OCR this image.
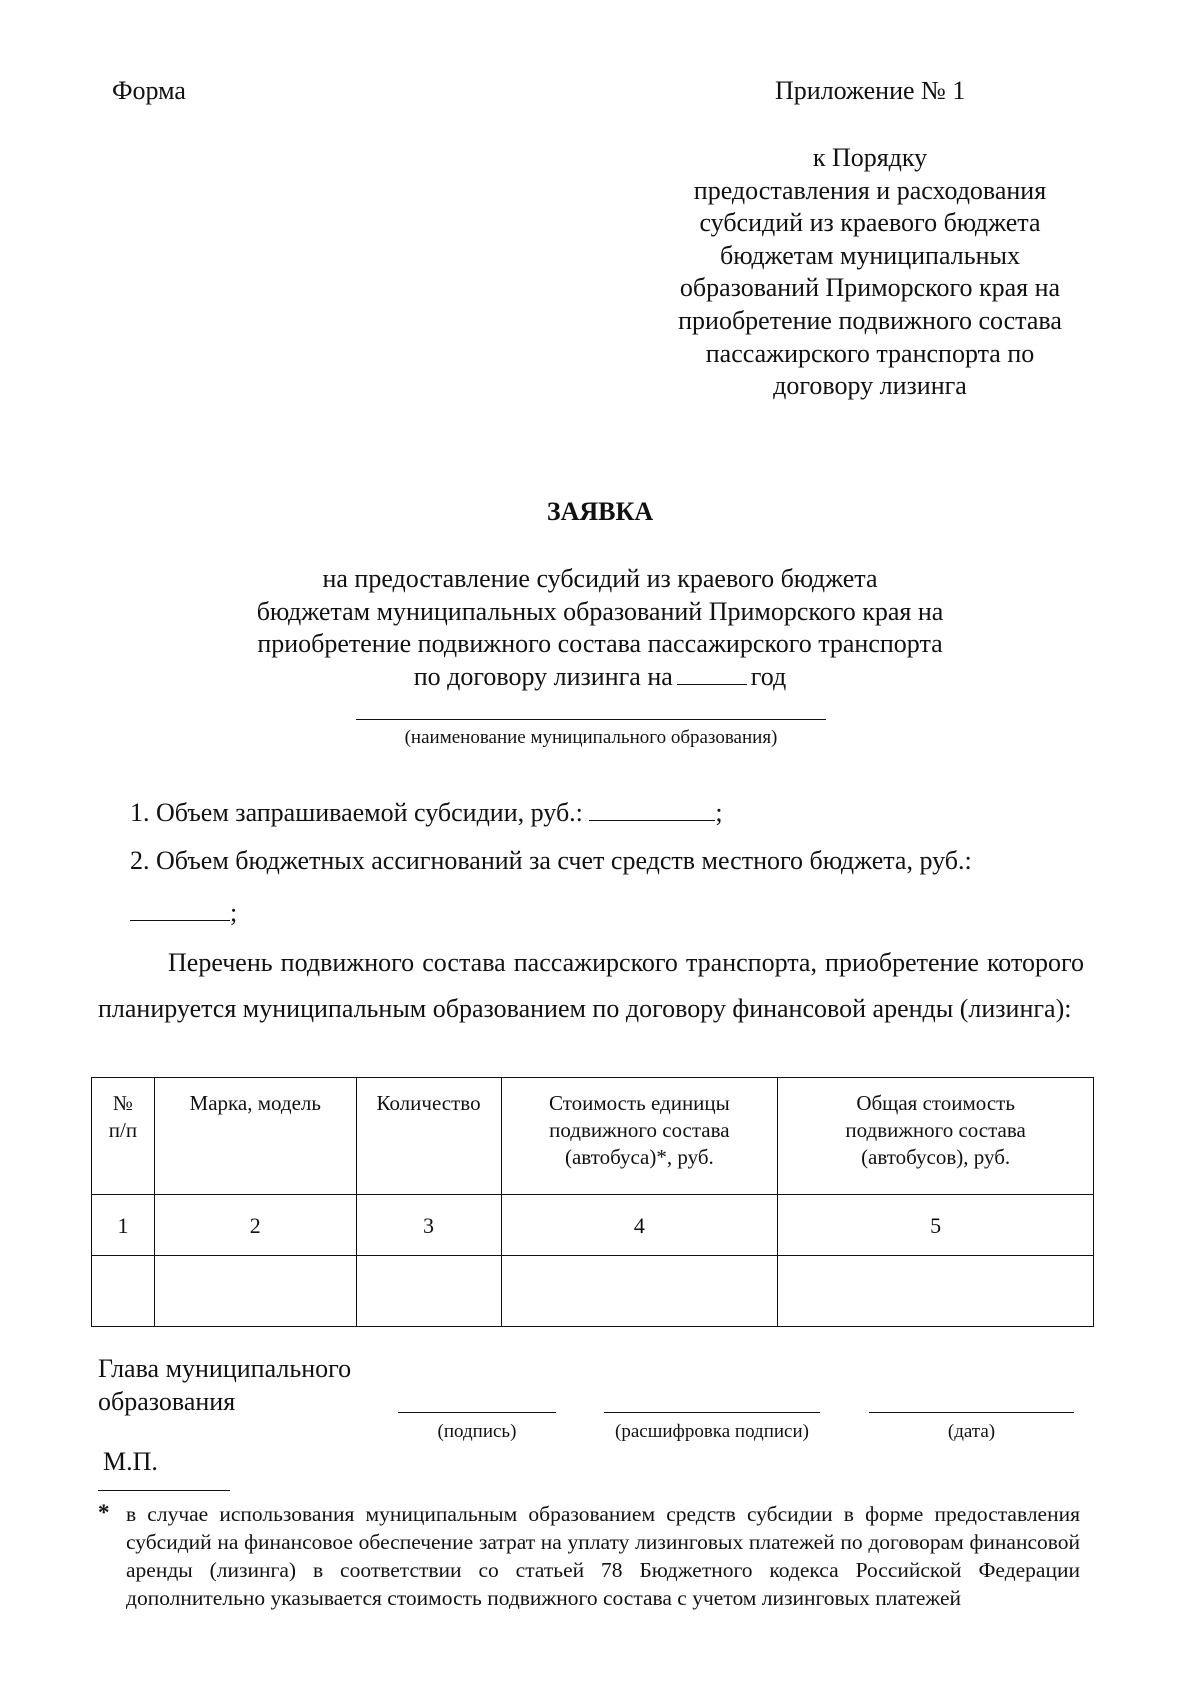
Форма	Приложение № 1
к Порядку
предоставления и расходования
субсидий из краевого бюджета
бюджетам муниципальных
образований Приморского края на
приобретение подвижного состава
пассажирского транспорта по
договору лизинга
ЗАЯВКА
на предоставление субсидий из краевого бюджета
бюджетам муниципальных образований Приморского края на
приобретение подвижного состава пассажирского транспорта
по договору лизинга на	год
(наименование муниципального образования)
1. Объем запрашиваемой субсидии, руб.:	;
2. Объем бюджетных ассигнований за счет средств местного бюджета, руб.:
;
Перечень подвижного состава пассажирского транспорта, приобретение которого планируется муниципальным образованием по договору финансовой аренды (лизинга):
№
п/п	Марка, модель	Количество	Стоимость единицы подвижного состава (автобуса)*, руб.	Общая стоимость подвижного состава (автобусов), руб.
1	2	3	4	5

Глава муниципального
образования
(подпись)	(расшифровка подписи)	(дата)
М.П.
* в случае использования муниципальным образованием средств субсидии в форме предоставления субсидий на финансовое обеспечение затрат на уплату лизинговых платежей по договорам финансовой аренды (лизинга) в соответствии со статьей 78 Бюджетного кодекса Российской Федерации дополнительно указывается стоимость подвижного состава с учетом лизинговых платежей
